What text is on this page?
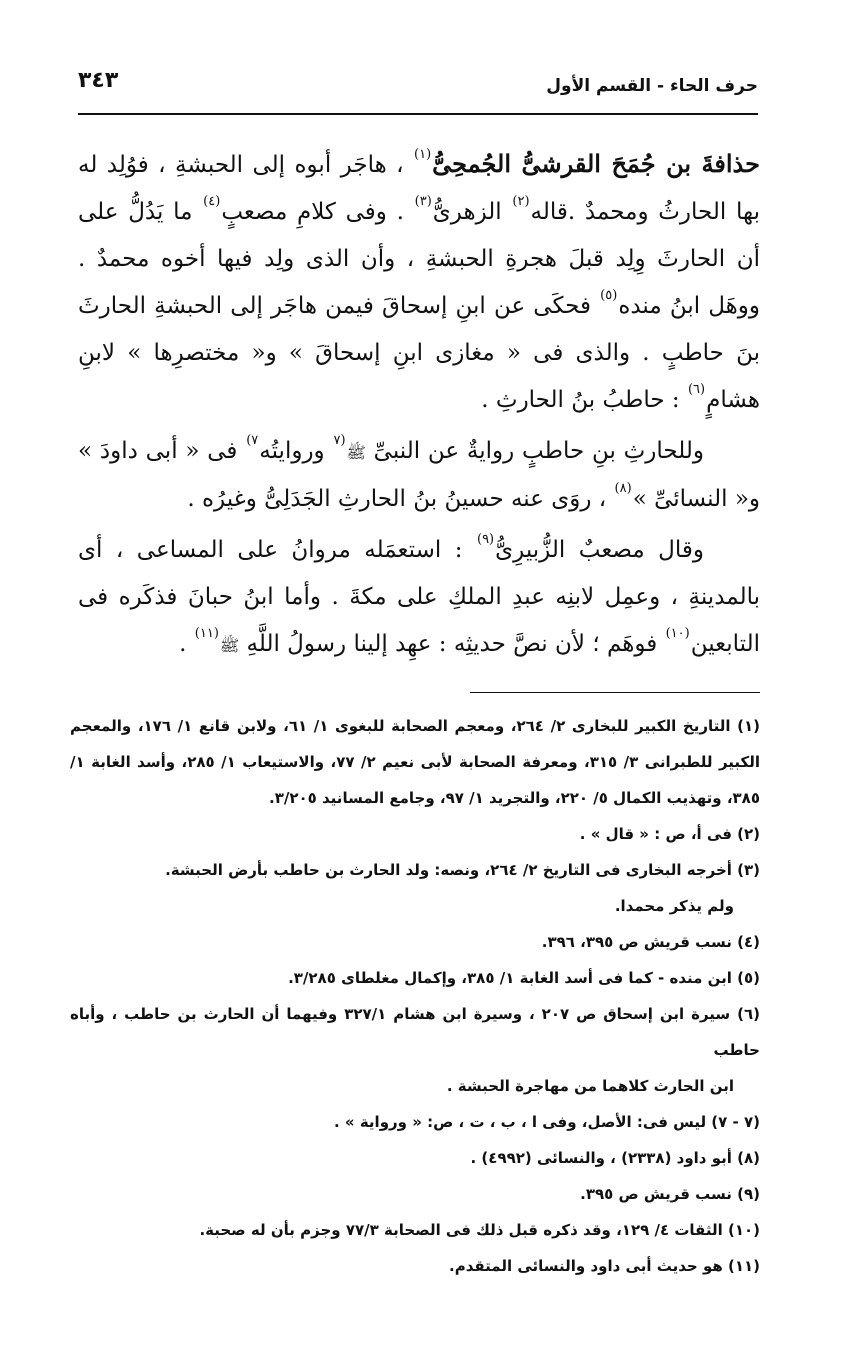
حرف الحاء - القسم الأول
٣٤٣

حذافةَ بن جُمَحَ القرشىُّ الجُمحِىُّ$^{(١)}$ ، هاجَر أبوه إلى الحبشةِ ، فوُلِد له بها الحارثُ ومحمدٌ .قاله$^{(٢)}$ الزهرىُّ$^{(٣)}$ . وفى كلامِ مصعبٍ$^{(٤)}$ ما يَدُلُّ على أن الحارثَ وِلِد قبلَ هجرةِ الحبشةِ ، وأن الذى ولِد فيها أخوه محمدٌ . ووهَل ابنُ منده$^{(٥)}$ فحكَى عن ابنِ إسحاقَ فيمن هاجَر إلى الحبشةِ الحارثَ بنَ حاطبٍ . والذى فى « مغازى ابنِ إسحاقَ » و« مختصرِها » لابنِ هشامٍ$^{(٦)}$ : حاطبُ بنُ الحارثِ .

وللحارثِ بنِ حاطبٍ روايةٌ عن النبىِّ ﷺ$^{(٧}$ وروايتُه$^{٧)}$ فى « أبى داودَ » و« النسائىِّ »$^{(٨)}$ ، روَى عنه حسينُ بنُ الحارثِ الجَدَلِىُّ وغيرُه .

وقال مصعبٌ الزُّبيرِىُّ$^{(٩)}$ : استعمَله مروانُ على المساعى ، أى بالمدينةِ ، وعمِل لابنِه عبدِ الملكِ على مكةَ . وأما ابنُ حبانَ فذكَره فى التابعين$^{(١٠)}$ فوهَم ؛ لأن نصَّ حديثِه : عهِد إلينا رسولُ اللَّهِ ﷺ$^{(١١)}$ .

(١) التاريخ الكبير للبخارى ٢/ ٢٦٤، ومعجم الصحابة للبغوى ١/ ٦١، ولابن قانع ١/ ١٧٦، والمعجم الكبير للطبرانى ٣/ ٣١٥، ومعرفة الصحابة لأبى نعيم ٢/ ٧٧، والاستيعاب ١/ ٢٨٥، وأسد الغابة ١/ ٣٨٥، وتهذيب الكمال ٥/ ٢٢٠، والتجريد ١/ ٩٧، وجامع المسانيد ٣/٢٠٥.

(٢) فى أ، ص : « قال » .

(٣) أخرجه البخارى فى التاريخ ٢/ ٢٦٤، ونصه: ولد الحارث بن حاطب بأرض الحبشة.
ولم يذكر محمدا.

(٤) نسب قريش ص ٣٩٥، ٣٩٦.

(٥) ابن منده - كما فى أسد الغابة ١/ ٣٨٥، وإكمال مغلطاى ٣/٢٨٥.

(٦) سيرة ابن إسحاق ص ٢٠٧ ، وسيرة ابن هشام ٣٢٧/١ وفيهما أن الحارث بن حاطب ، وأباه حاطب
ابن الحارث كلاهما من مهاجرة الحبشة .

(٧ - ٧) ليس فى: الأصل، وفى ا ، ب ، ت ، ص: « ورواية » .

(٨) أبو داود (٢٣٣٨) ، والنسائى (٤٩٩٢) .

(٩) نسب قريش ص ٣٩٥.

(١٠) الثقات ٤/ ١٢٩، وقد ذكره قبل ذلك فى الصحابة ٧٧/٣ وجزم بأن له صحبة.

(١١) هو حديث أبى داود والنسائى المتقدم.
